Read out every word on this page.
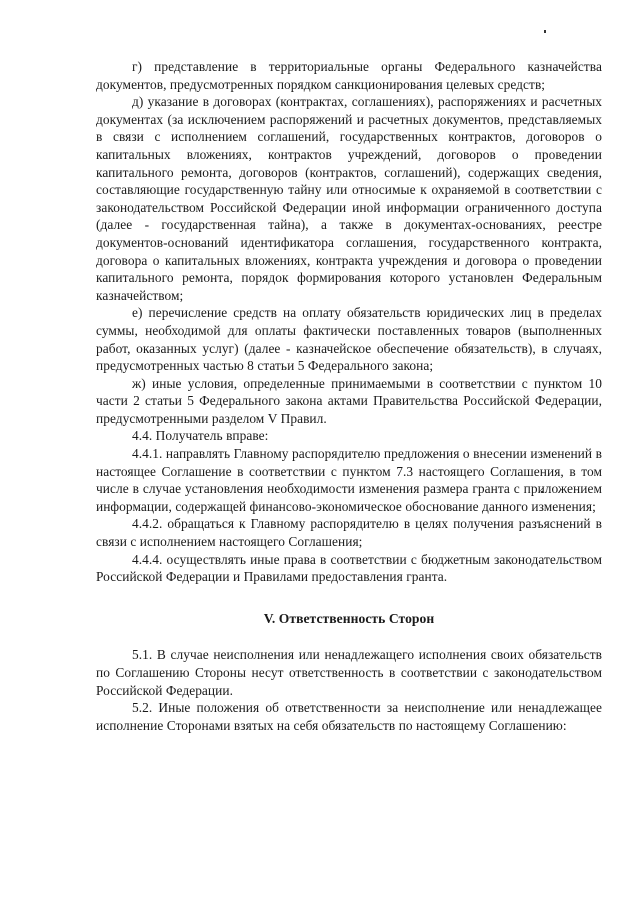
г) представление в территориальные органы Федерального казначейства документов, предусмотренных порядком санкционирования целевых средств;

д) указание в договорах (контрактах, соглашениях), распоряжениях и расчетных документах (за исключением распоряжений и расчетных документов, представляемых в связи с исполнением соглашений, государственных контрактов, договоров о капитальных вложениях, контрактов учреждений, договоров о проведении капитального ремонта, договоров (контрактов, соглашений), содержащих сведения, составляющие государственную тайну или относимые к охраняемой в соответствии с законодательством Российской Федерации иной информации ограниченного доступа (далее - государственная тайна), а также в документах-основаниях, реестре документов-оснований идентификатора соглашения, государственного контракта, договора о капитальных вложениях, контракта учреждения и договора о проведении капитального ремонта, порядок формирования которого установлен Федеральным казначейством;

е) перечисление средств на оплату обязательств юридических лиц в пределах суммы, необходимой для оплаты фактически поставленных товаров (выполненных работ, оказанных услуг) (далее - казначейское обеспечение обязательств), в случаях, предусмотренных частью 8 статьи 5 Федерального закона;

ж) иные условия, определенные принимаемыми в соответствии с пунктом 10 части 2 статьи 5 Федерального закона актами Правительства Российской Федерации, предусмотренными разделом V Правил.

4.4. Получатель вправе:

4.4.1. направлять Главному распорядителю предложения о внесении изменений в настоящее Соглашение в соответствии с пунктом 7.3 настоящего Соглашения, в том числе в случае установления необходимости изменения размера гранта с приложением информации, содержащей финансово-экономическое обоснование данного изменения;

4.4.2. обращаться к Главному распорядителю в целях получения разъяснений в связи с исполнением настоящего Соглашения;

4.4.4. осуществлять иные права в соответствии с бюджетным законодательством Российской Федерации и Правилами предоставления гранта.

V. Ответственность Сторон

5.1. В случае неисполнения или ненадлежащего исполнения своих обязательств по Соглашению Стороны несут ответственность в соответствии с законодательством Российской Федерации.

5.2. Иные положения об ответственности за неисполнение или ненадлежащее исполнение Сторонами взятых на себя обязательств по настоящему Соглашению:
